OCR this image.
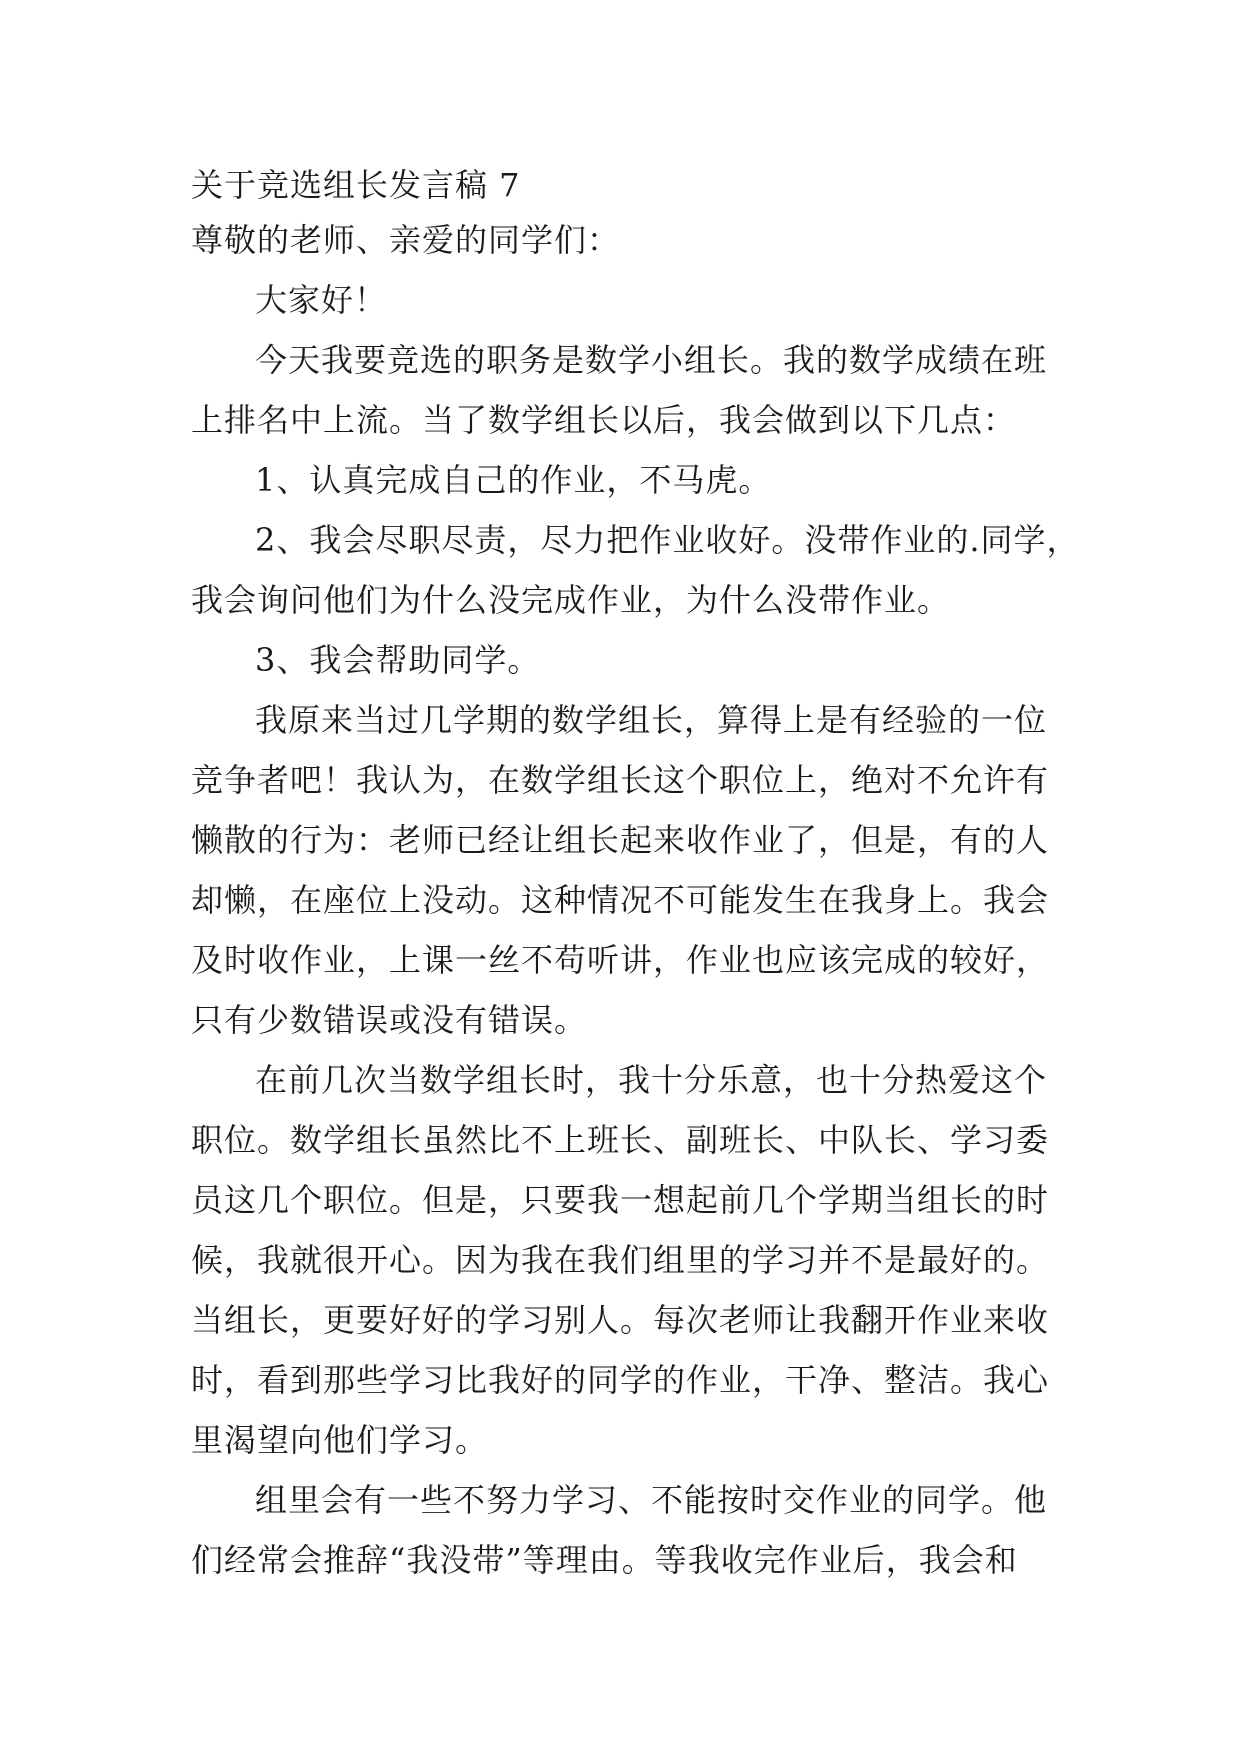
关于竞选组长发言稿 7
尊敬的老师、亲爱的同学们：
大家好！
今天我要竞选的职务是数学小组长。我的数学成绩在班
上排名中上流。当了数学组长以后，我会做到以下几点：
1、认真完成自己的作业，不马虎。
2、我会尽职尽责，尽力把作业收好。没带作业的.同学，
我会询问他们为什么没完成作业，为什么没带作业。
3、我会帮助同学。
我原来当过几学期的数学组长，算得上是有经验的一位
竞争者吧！我认为，在数学组长这个职位上，绝对不允许有
懒散的行为：老师已经让组长起来收作业了，但是，有的人
却懒，在座位上没动。这种情况不可能发生在我身上。我会
及时收作业，上课一丝不苟听讲，作业也应该完成的较好，
只有少数错误或没有错误。
在前几次当数学组长时，我十分乐意，也十分热爱这个
职位。数学组长虽然比不上班长、副班长、中队长、学习委
员这几个职位。但是，只要我一想起前几个学期当组长的时
候，我就很开心。因为我在我们组里的学习并不是最好的。
当组长，更要好好的学习别人。每次老师让我翻开作业来收
时，看到那些学习比我好的同学的作业，干净、整洁。我心
里渴望向他们学习。
组里会有一些不努力学习、不能按时交作业的同学。他
们经常会推辞“我没带”等理由。等我收完作业后，我会和
